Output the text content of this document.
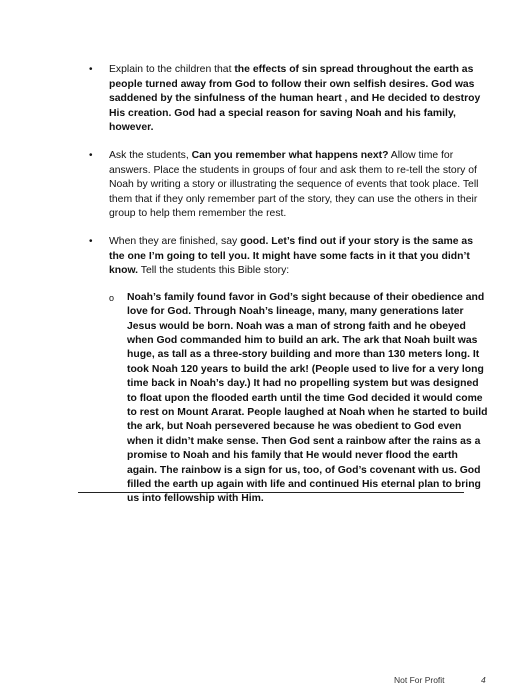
• Explain to the children that the effects of sin spread throughout the earth as people turned away from God to follow their own selfish desires. God was saddened by the sinfulness of the human heart , and He decided to destroy His creation. God had a special reason for saving Noah and his family, however.
• Ask the students, Can you remember what happens next? Allow time for answers. Place the students in groups of four and ask them to re-tell the story of Noah by writing a story or illustrating the sequence of events that took place. Tell them that if they only remember part of the story, they can use the others in their group to help them remember the rest.
• When they are finished, say good. Let’s find out if your story is the same as the one I’m going to tell you. It might have some facts in it that you didn’t know. Tell the students this Bible story:
o Noah’s family found favor in God’s sight because of their obedience and love for God. Through Noah’s lineage, many, many generations later Jesus would be born. Noah was a man of strong faith and he obeyed when God commanded him to build an ark. The ark that Noah built was huge, as tall as a three-story building and more than 130 meters long. It took Noah 120 years to build the ark! (People used to live for a very long time back in Noah’s day.) It had no propelling system but was designed to float upon the flooded earth until the time God decided it would come to rest on Mount Ararat. People laughed at Noah when he started to build the ark, but Noah persevered because he was obedient to God even when it didn’t make sense. Then God sent a rainbow after the rains as a promise to Noah and his family that He would never flood the earth again. The rainbow is a sign for us, too, of God’s covenant with us. God filled the earth up again with life and continued His eternal plan to bring us into fellowship with Him.
Not For Profit	4
